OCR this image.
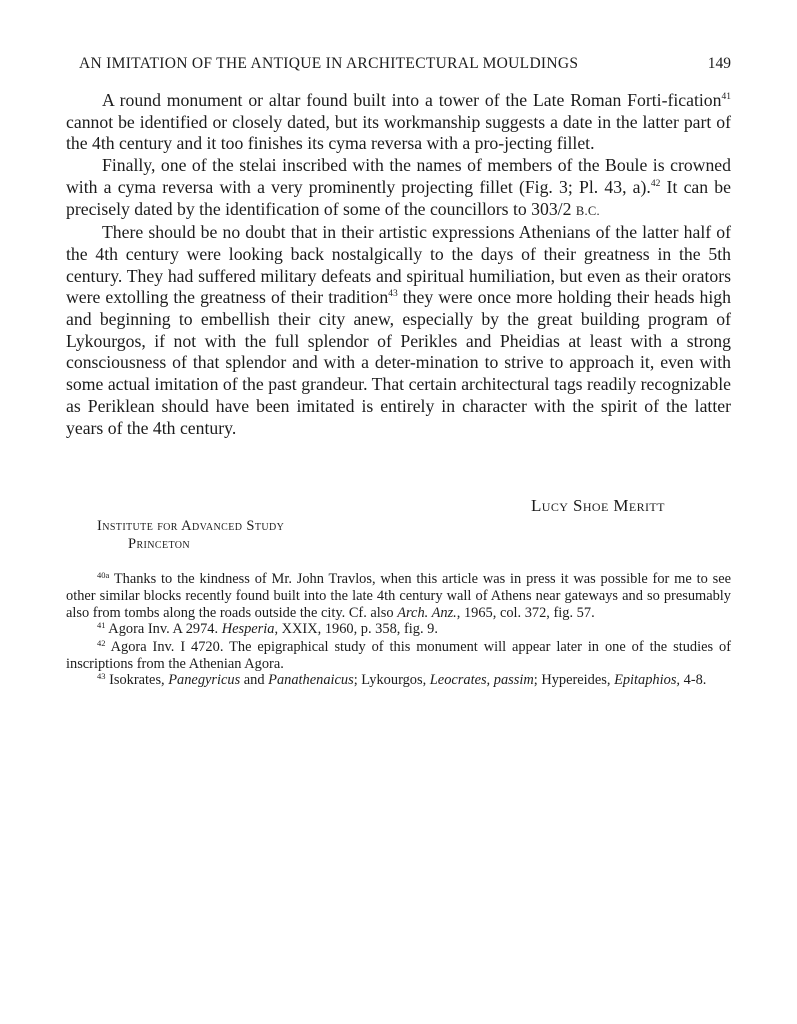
AN IMITATION OF THE ANTIQUE IN ARCHITECTURAL MOULDINGS	149

A round monument or altar found built into a tower of the Late Roman Forti-fication$^{41}$ cannot be identified or closely dated, but its workmanship suggests a date in the latter part of the 4th century and it too finishes its cyma reversa with a pro-jecting fillet.

Finally, one of the stelai inscribed with the names of members of the Boule is crowned with a cyma reversa with a very prominently projecting fillet (Fig. 3; Pl. 43, a).$^{42}$ It can be precisely dated by the identification of some of the councillors to 303/2 B.C.

There should be no doubt that in their artistic expressions Athenians of the latter half of the 4th century were looking back nostalgically to the days of their greatness in the 5th century. They had suffered military defeats and spiritual humiliation, but even as their orators were extolling the greatness of their tradition$^{43}$ they were once more holding their heads high and beginning to embellish their city anew, especially by the great building program of Lykourgos, if not with the full splendor of Perikles and Pheidias at least with a strong consciousness of that splendor and with a deter-mination to strive to approach it, even with some actual imitation of the past grandeur. That certain architectural tags readily recognizable as Periklean should have been imitated is entirely in character with the spirit of the latter years of the 4th century.

Lucy Shoe Meritt
Institute for Advanced Study
Princeton

$^{40a}$ Thanks to the kindness of Mr. John Travlos, when this article was in press it was possible for me to see other similar blocks recently found built into the late 4th century wall of Athens near gateways and so presumably also from tombs along the roads outside the city. Cf. also Arch. Anz., 1965, col. 372, fig. 57.

$^{41}$ Agora Inv. A 2974. Hesperia, XXIX, 1960, p. 358, fig. 9.

$^{42}$ Agora Inv. I 4720. The epigraphical study of this monument will appear later in one of the studies of inscriptions from the Athenian Agora.

$^{43}$ Isokrates, Panegyricus and Panathenaicus; Lykourgos, Leocrates, passim; Hypereides, Epitaphios, 4-8.
